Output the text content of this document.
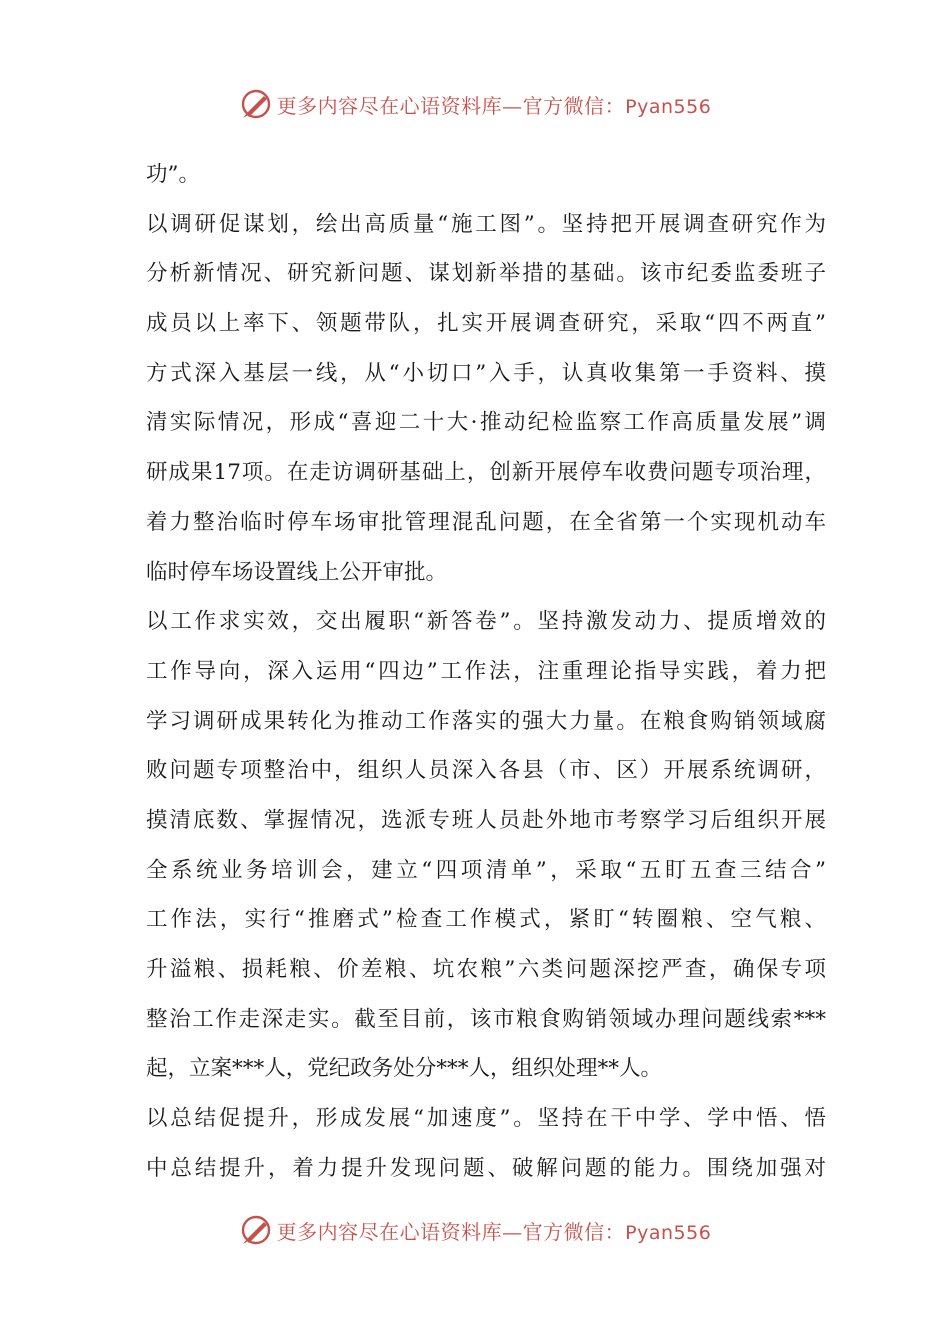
更多内容尽在心语资料库—官方微信：Pyan556
功”。
以调研促谋划，绘出高质量“施工图”。坚持把开展调查研究作为
分析新情况、研究新问题、谋划新举措的基础。该市纪委监委班子
成员以上率下、领题带队，扎实开展调查研究，采取“四不两直”
方式深入基层一线，从“小切口”入手，认真收集第一手资料、摸
清实际情况，形成“喜迎二十大·推动纪检监察工作高质量发展”调
研成果17项。在走访调研基础上，创新开展停车收费问题专项治理，
着力整治临时停车场审批管理混乱问题，在全省第一个实现机动车
临时停车场设置线上公开审批。
以工作求实效，交出履职“新答卷”。坚持激发动力、提质增效的
工作导向，深入运用“四边”工作法，注重理论指导实践，着力把
学习调研成果转化为推动工作落实的强大力量。在粮食购销领域腐
败问题专项整治中，组织人员深入各县（市、区）开展系统调研，
摸清底数、掌握情况，选派专班人员赴外地市考察学习后组织开展
全系统业务培训会，建立“四项清单”，采取“五盯五查三结合”
工作法，实行“推磨式”检查工作模式，紧盯“转圈粮、空气粮、
升溢粮、损耗粮、价差粮、坑农粮”六类问题深挖严查，确保专项
整治工作走深走实。截至目前，该市粮食购销领域办理问题线索***
起，立案***人，党纪政务处分***人，组织处理**人。
以总结促提升，形成发展“加速度”。坚持在干中学、学中悟、悟
中总结提升，着力提升发现问题、破解问题的能力。围绕加强对
更多内容尽在心语资料库—官方微信：Pyan556
